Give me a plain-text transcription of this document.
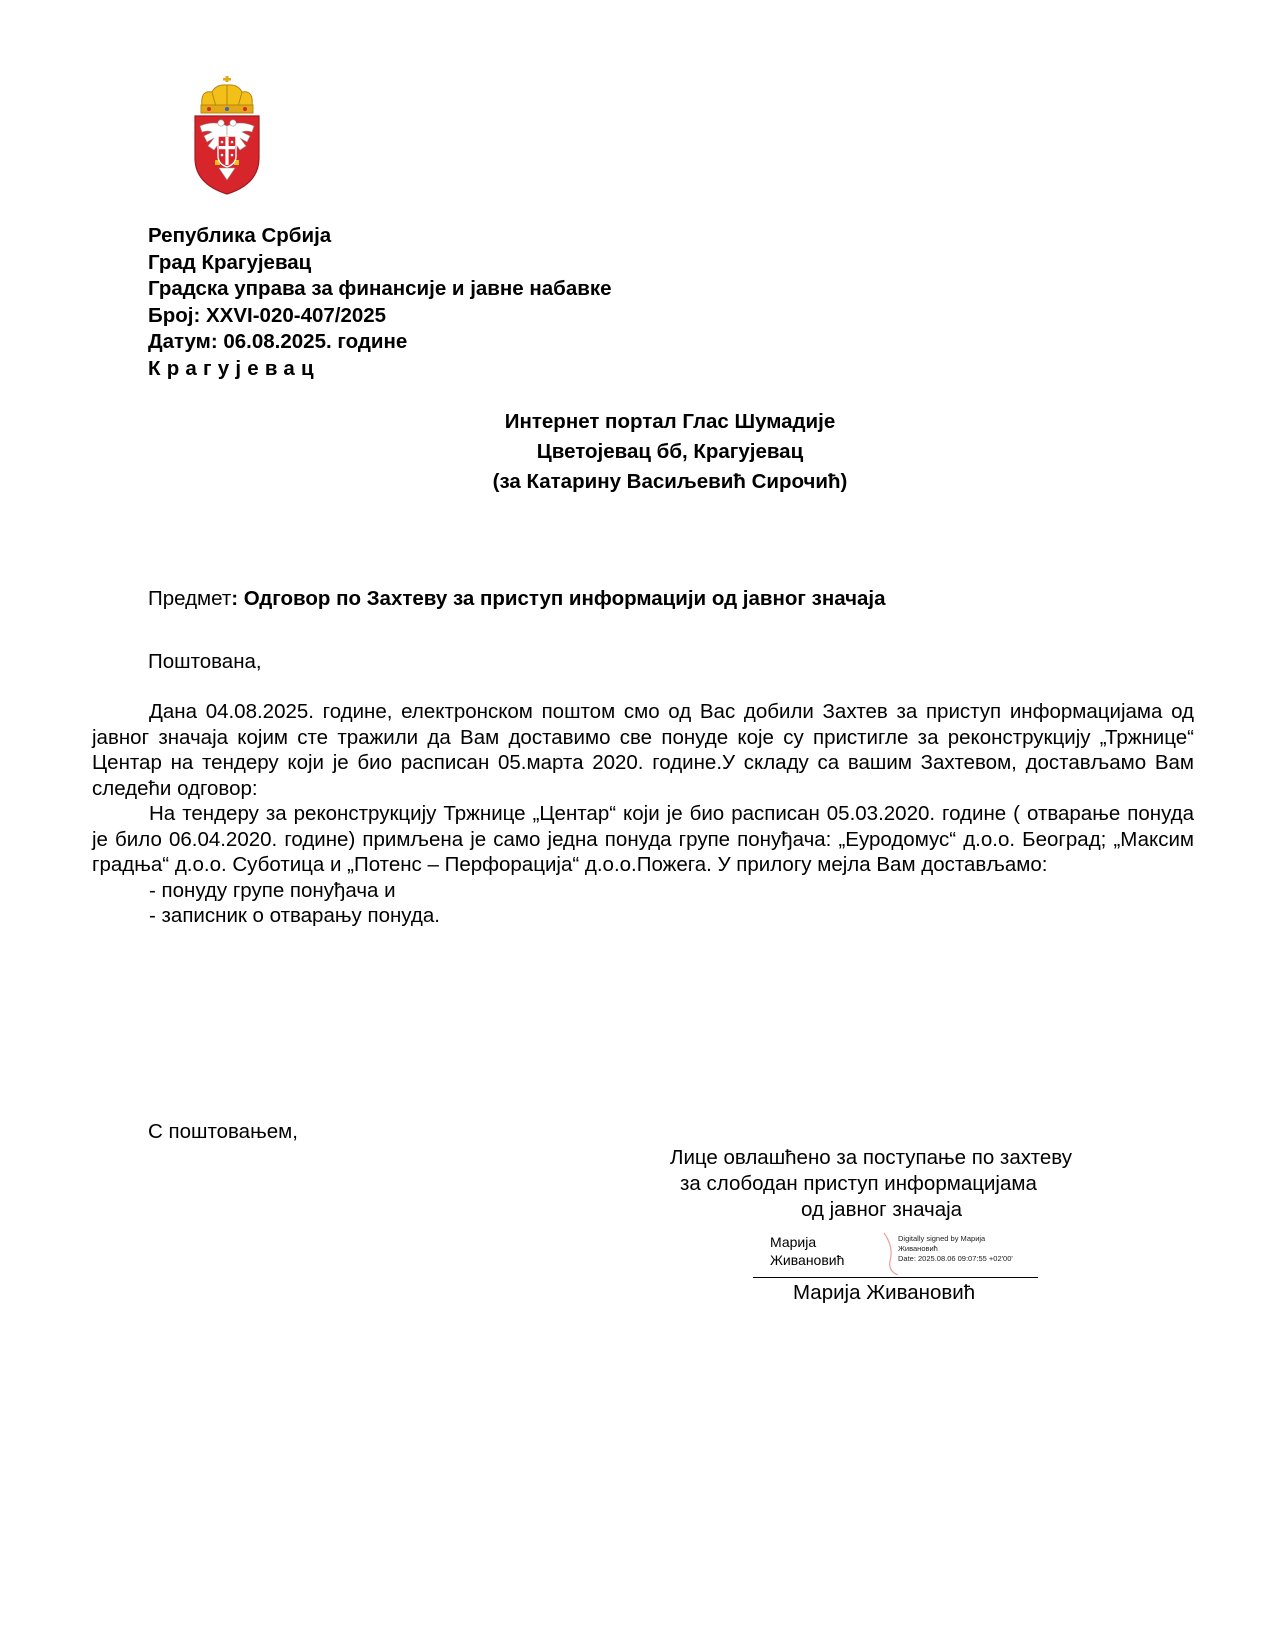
Република Србија
Град Крагујевац
Градска управа за финансије и јавне набавке
Број: XXVI-020-407/2025
Датум: 06.08.2025. године
Крагујевац
Интернет портал Глас Шумадије
Цветојевац бб, Крагујевац
(за Катарину Васиљевић Сирочић)
Предмет: Одговор по Захтеву за приступ информацији од јавног значаја
Поштована,

Дана 04.08.2025. године, електронском поштом смо од Вас добили Захтев за приступ информацијама од јавног значаја којим сте тражили да Вам доставимо све понуде које су пристигле за реконструкцију „Тржнице“ Центар на тендеру који је био расписан 05.марта 2020. године.У складу са вашим Захтевом, достављамо Вам следећи одговор:

На тендеру за реконструкцију Тржнице „Центар“ који је био расписан 05.03.2020. године ( отварање понуда је било 06.04.2020. године) примљена је само једна понуда групе понуђача: „Еуродомус“ д.о.о. Београд; „Максим градња“ д.о.о. Суботица и „Потенс – Перфорација“ д.о.о.Пожега. У прилогу мејла Вам достављамо:

- понуду групе понуђача и

- записник о отварању понуда.

С поштовањем,
Лице овлашћено за поступање по захтеву
за слободан приступ информацијама
од јавног значаја
Марија
Живановић
Digitally signed by Марија
Живановић
Date: 2025.08.06 09:07:55 +02'00'
Марија Живановић
